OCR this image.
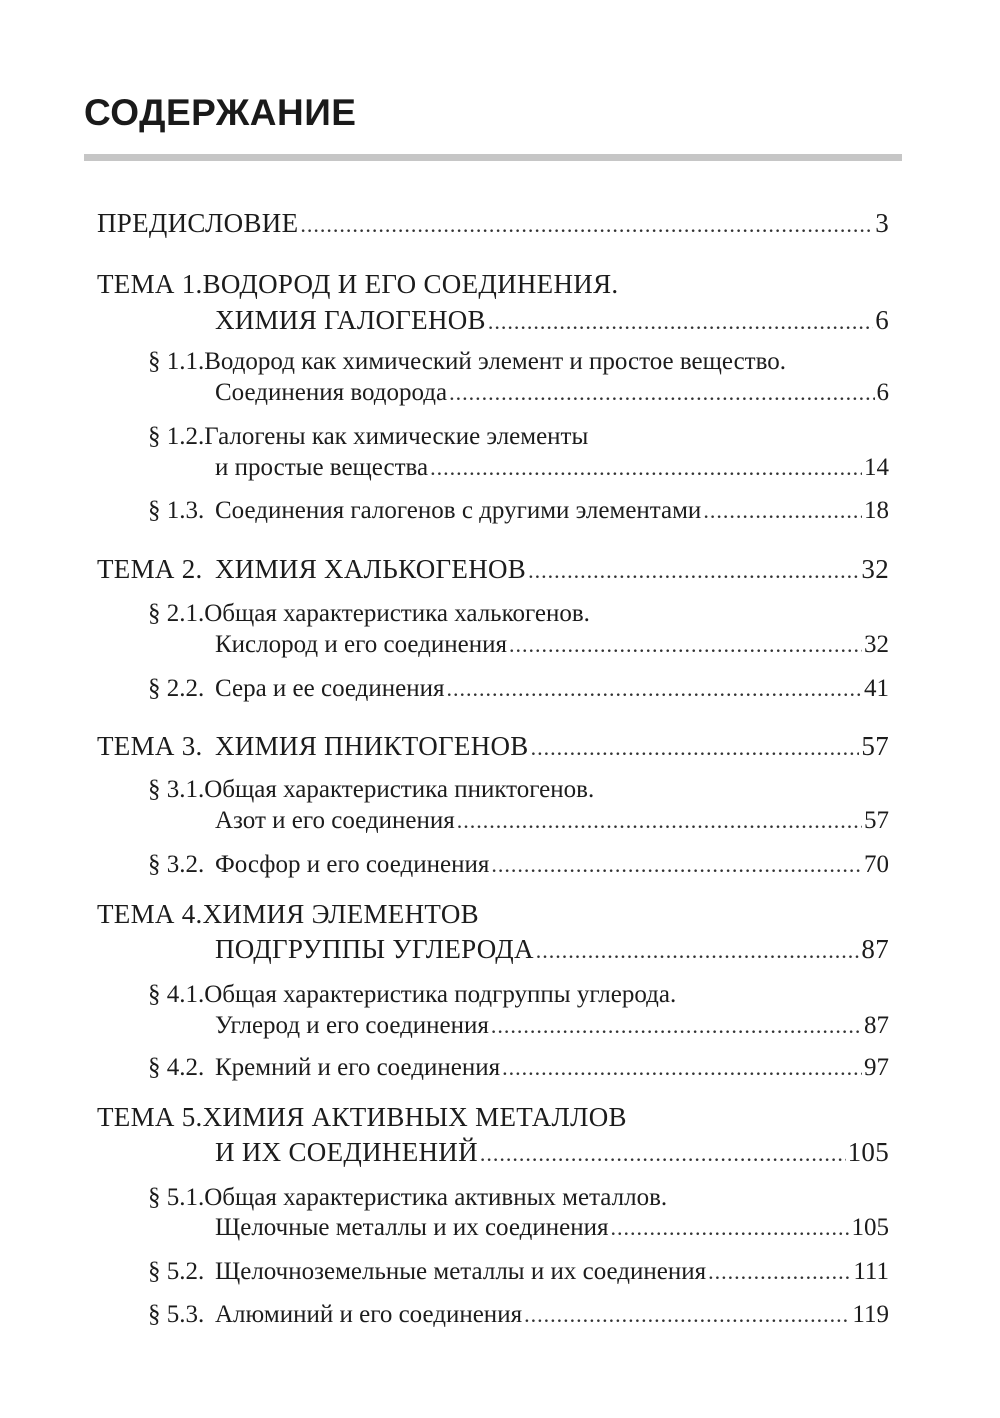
СОДЕРЖАНИЕ
ПРЕДИСЛОВИЕ .....	3
ТЕМА 1.ВОДОРОД И ЕГО СОЕДИНЕНИЯ.
ХИМИЯ ГАЛОГЕНОВ .....	6
§ 1.1.Водород как химический элемент и простое вещество.
Соединения водорода .....	6
§ 1.2.Галогены как химические элементы
и простые вещества .....	14
§ 1.3. Соединения галогенов с другими элементами .....	18
ТЕМА 2. ХИМИЯ ХАЛЬКОГЕНОВ .....	32
§ 2.1.Общая характеристика халькогенов.
Кислород и его соединения .....	32
§ 2.2. Сера и ее соединения .....	41
ТЕМА 3. ХИМИЯ ПНИКТОГЕНОВ .....	57
§ 3.1.Общая характеристика пниктогенов.
Азот и его соединения .....	57
§ 3.2. Фосфор и его соединения .....	70
ТЕМА 4.ХИМИЯ ЭЛЕМЕНТОВ
ПОДГРУППЫ УГЛЕРОДА .....	87
§ 4.1.Общая характеристика подгруппы углерода.
Углерод и его соединения .....	87
§ 4.2. Кремний и его соединения .....	97
ТЕМА 5.ХИМИЯ АКТИВНЫХ МЕТАЛЛОВ
И ИХ СОЕДИНЕНИЙ .....	105
§ 5.1.Общая характеристика активных металлов.
Щелочные металлы и их соединения .....	105
§ 5.2. Щелочноземельные металлы и их соединения .....	111
§ 5.3. Алюминий и его соединения .....	119
